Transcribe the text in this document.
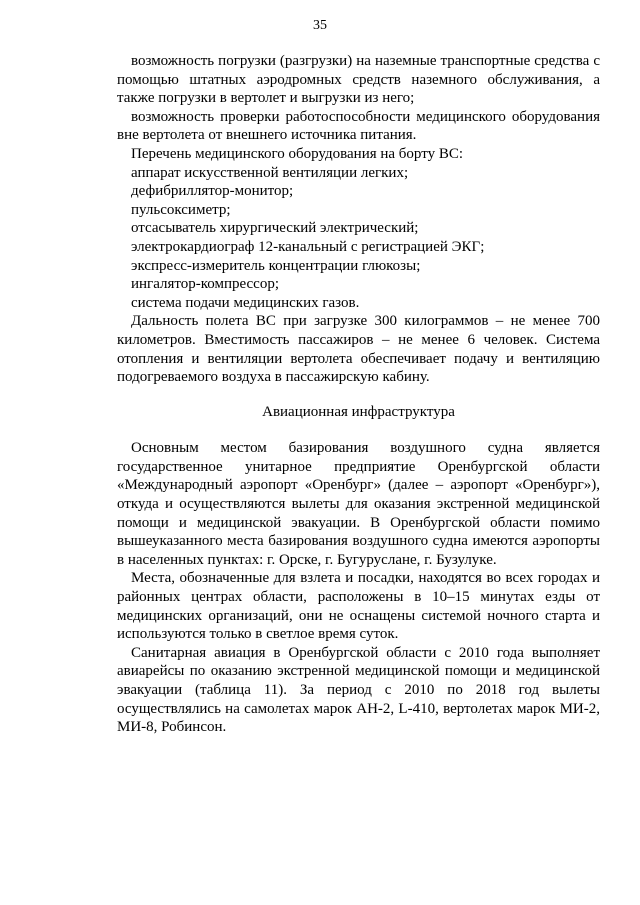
35

возможность погрузки (разгрузки) на наземные транспортные средства с помощью штатных аэродромных средств наземного обслуживания, а также погрузки в вертолет и выгрузки из него;

возможность проверки работоспособности медицинского оборудования вне вертолета от внешнего источника питания.

Перечень медицинского оборудования на борту ВС:

аппарат искусственной вентиляции легких;

дефибриллятор-монитор;

пульсоксиметр;

отсасыватель хирургический электрический;

электрокардиограф 12-канальный с регистрацией ЭКГ;

экспресс-измеритель концентрации глюкозы;

ингалятор-компрессор;

система подачи медицинских газов.

Дальность полета ВС при загрузке 300 килограммов – не менее 700 километров. Вместимость пассажиров – не менее 6 человек. Система отопления и вентиляции вертолета обеспечивает подачу и вентиляцию подогреваемого воздуха в пассажирскую кабину.

Авиационная инфраструктура

Основным местом базирования воздушного судна является государственное унитарное предприятие Оренбургской области «Международный аэропорт «Оренбург» (далее – аэропорт «Оренбург»), откуда и осуществляются вылеты для оказания экстренной медицинской помощи и медицинской эвакуации. В Оренбургской области помимо вышеуказанного места базирования воздушного судна имеются аэропорты в населенных пунктах: г. Орске, г. Бугуруслане, г. Бузулуке.

Места, обозначенные для взлета и посадки, находятся во всех городах и районных центрах области, расположены в 10–15 минутах езды от медицинских организаций, они не оснащены системой ночного старта и используются только в светлое время суток.

Санитарная авиация в Оренбургской области с 2010 года выполняет авиарейсы по оказанию экстренной медицинской помощи и медицинской эвакуации (таблица 11). За период с 2010 по 2018 год вылеты осуществлялись на самолетах марок АН-2, L-410, вертолетах марок МИ-2, МИ-8, Робинсон.
